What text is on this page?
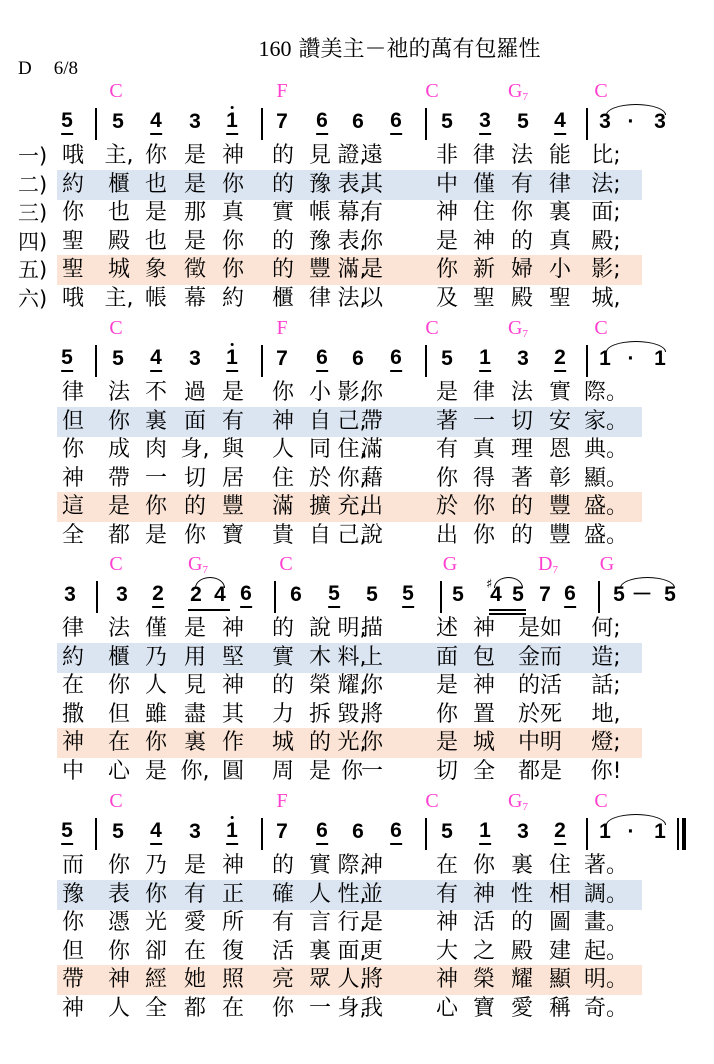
160 讚美主－祂的萬有包羅性
D 6/8
C	F	C	$G_7$	C
5 5 4 3 1 7 6 6 6 5 3 5 4 3 · 3
一) 哦 主, 你 是 神 的 見 證,
遠 非 律 法 能 比;
二) 約 櫃 也 是 你 的 豫 表,
其 中 僅 有 律 法;
三) 你 也 是 那 真 實 帳 幕,
有 神 住 你 裏 面;
四) 聖 殿 也 是 你 的 豫 表,
你 是 神 的 真 殿;
五) 聖 城 象 徵 你 的 豐 滿,
是 你 新 婦 小 影;
六) 哦 主, 帳 幕 約 櫃 律 法,
以 及 聖 殿 聖 城,
C	F	C	$G_7$	C
5 5 4 3 1 7 6 6 6 5 1 3 2 1 · 1
律 法 不 過 是 你 小 影,
你 是 律 法 實 際。
但 你 裏 面 有 神 自 己,
帶 著 一 切 安 家。
你 成 肉 身, 與 人 同 住,
滿 有 真 理 恩 典。
神 帶 一 切 居 住 於 你,
藉 你 得 著 彰 顯。
這 是 你 的 豐 滿 擴 充,
出 於 你 的 豐 盛。
全 都 是 你 寶 貴 自 己,
說 出 你 的 豐 盛。
C	$G_7$	C	G	$D_7$ G
3 3 2 2 4 6 6 5 5 5 5 4 5 7 6 5 － 5
♯
律 法 僅 是 神 的 說 明,
描 述 神 是如 何;
約 櫃 乃 用 堅 實 木 料,
上 面 包 金而 造;
在 你 人 見 神 的 榮 耀,
你 是 神 的活 話;
撒 但 雖 盡 其 力 拆 毀,
將 你 置 於死 地,
神 在 你 裏 作 城 的 光,
你 是 城 中明 燈;
中 心 是 你, 圓 周 是 你
一 切 全 都是 你!
C	F	C	$G_7$	C
5 5 4 3 1 7 6 6 6 5 1 3 2 1 · 1
而 你 乃 是 神 的 實 際,
神 在 你 裏 住 著。
豫 表 你 有 正 確 人 性,
並 有 神 性 相 調。
你 憑 光 愛 所 有 言 行,
是 神 活 的 圖 畫。
但 你 卻 在 復 活 裏 面,
更 大 之 殿 建 起。
帶 神 經 她 照 亮 眾 人,
將 神 榮 耀 顯 明。
神 人 全 都 在 你 一 身,
我 心 寶 愛 稱 奇。
